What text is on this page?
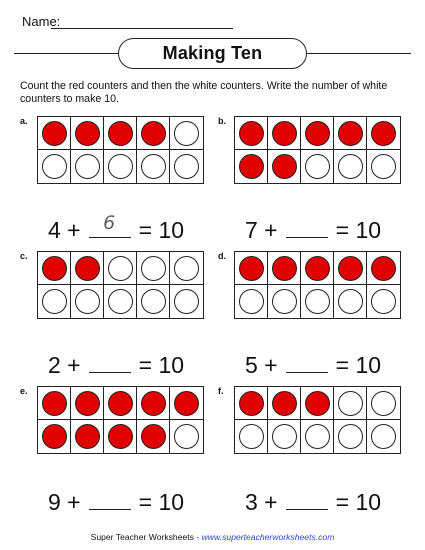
Name:
Making Ten
Count the red counters and then the white counters. Write the number of white counters to make 10.
a.
4 +	6 = 10
b.
7 +	= 10
c.
2 +	= 10
d.
5 +	= 10
e.
9 +	= 10
f.
3 +	= 10
Super Teacher Worksheets - www.superteacherworksheets.com
